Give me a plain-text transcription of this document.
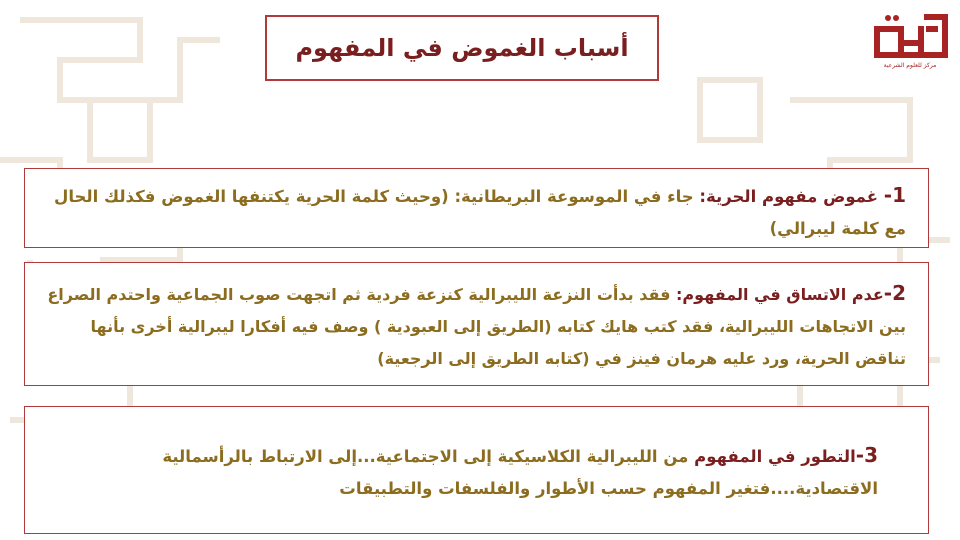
مركز للعلوم الشرعية
أسباب الغموض في المفهوم
1- غموض مفهوم الحرية: جاء في الموسوعة البريطانية: (وحيث كلمة الحرية يكتنفها الغموض فكذلك الحال مع كلمة ليبرالي)
2-عدم الاتساق في المفهوم: فقد بدأت النزعة الليبرالية كنزعة فردية ثم اتجهت صوب الجماعية واحتدم الصراع بين الاتجاهات الليبرالية، فقد كتب هايك كتابه (الطريق إلى العبودية ) وصف فيه أفكارا ليبرالية أخرى بأنها تناقض الحرية، ورد عليه هرمان فينز في (كتابه الطريق إلى الرجعية)
3-التطور في المفهوم من الليبرالية الكلاسيكية إلى الاجتماعية...إلى الارتباط بالرأسمالية الاقتصادية....فتغير المفهوم حسب الأطوار والفلسفات والتطبيقات
